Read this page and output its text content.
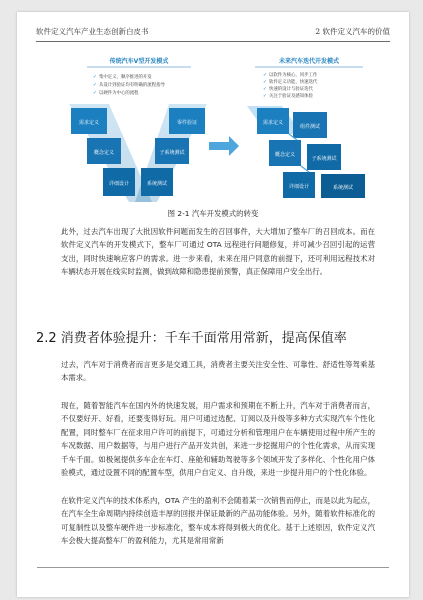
软件定义汽车产业生态创新白皮书	2 软件定义汽车的价值
传统汽车V型开发模式
✓ 集中定义、顺序推进的开发
✓ 从设计到验证均有明确的流程指导
✓ 以硬件为中心的流程
需求定义
概念定义
详细设计
零件验证
子系统测试
系统测试
未来汽车迭代开发模式
✓ 以软件为核心，同步工作
✓ 软件定义功能，快速迭代
✓ 快速的设计与验证迭代
✓ 关注于验证及感知体验
需求定义
组件测试
概念定义
子系统测试
详细设计	系统测试
图 2-1 汽车开发模式的转变
此外，过去汽车出现了大批因软件问题而发生的召回事件，大大增加了整车厂的召回成本。而在软件定义汽车的开发模式下，整车厂可通过 OTA 远程进行问题修复，并可减少召回引起的运营支出，同时快速响应客户的需求。进一步来看，未来在用户同意的前提下，还可利用远程技术对车辆状态开展在线实时监测，做到故障和隐患提前预警，真正保障用户安全出行。
2.2 消费者体验提升：千车千面常用常新，提高保值率
过去，汽车对于消费者而言更多是交通工具，消费者主要关注安全性、可靠性、舒适性等驾乘基本需求。
现在，随着智能汽车在国内外的快速发展，用户需求和预期在不断上升，汽车对于消费者而言，不仅要好开、好看，还要变得好玩。用户可通过选配、订阅以及升级等多种方式实现汽车个性化配置，同时整车厂在征求用户许可的前提下，可通过分析和管理用户在车辆使用过程中所产生的车况数据、用户数据等，与用户进行产品开发共创，来进一步挖掘用户的个性化需求，从而实现千车千面。如极氪提供多车企在车灯、座舱和辅助驾驶等多个领域开发了多样化、个性化用户体验模式，通过设置不同的配置车型，供用户自定义、自升级，来进一步提升用户的个性化体验。
在软件定义汽车的技术体系内，OTA 产生的盈利不会随着某一次销售而停止，而是以此为起点，在汽车全生命周期内持续创造丰厚的回报并保证最新的产品功能体验。另外，随着软件标准化的可复制性以及整车硬件进一步标准化，整车成本将得到极大的优化。基于上述原因，软件定义汽车会极大提高整车厂的盈利能力，尤其是常用常新
